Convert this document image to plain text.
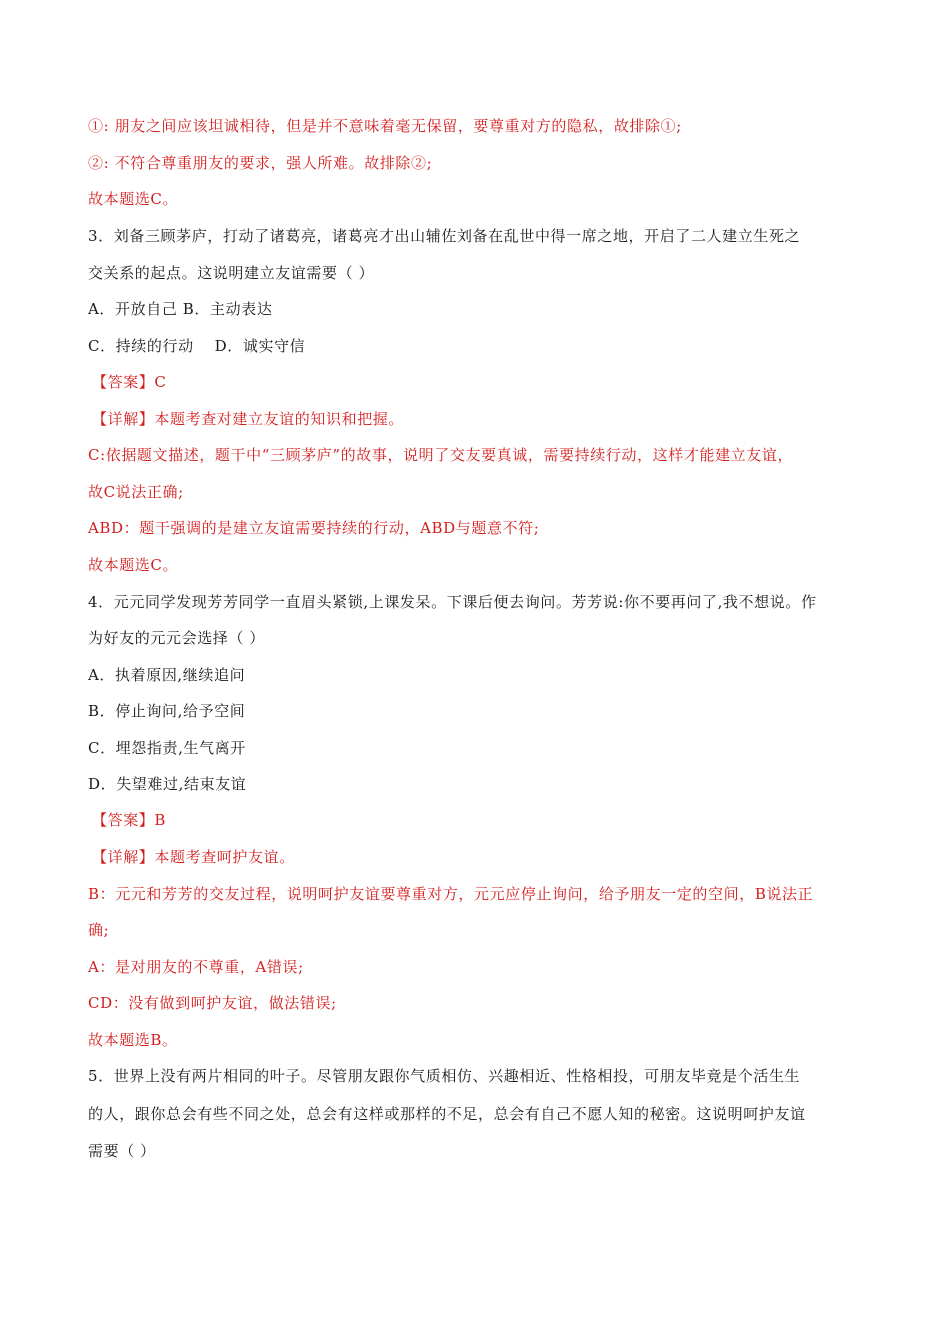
①: 朋友之间应该坦诚相待，但是并不意味着毫无保留，要尊重对方的隐私，故排除①;
②: 不符合尊重朋友的要求，强人所难。故排除②;
故本题选C。
3．刘备三顾茅庐，打动了诸葛亮，诸葛亮才出山辅佐刘备在乱世中得一席之地，开启了二人建立生死之
交关系的起点。这说明建立友谊需要（ ）
A．开放自己 B．主动表达
C．持续的行动　 D．诚实守信
【答案】C
【详解】本题考查对建立友谊的知识和把握。
C:依据题文描述，题干中“三顾茅庐”的故事，说明了交友要真诚，需要持续行动，这样才能建立友谊，
故C说法正确;
ABD：题干强调的是建立友谊需要持续的行动，ABD与题意不符;
故本题选C。
4．元元同学发现芳芳同学一直眉头紧锁,上课发呆。下课后便去询问。芳芳说:你不要再问了,我不想说。作
为好友的元元会选择（ ）
A．执着原因,继续追问
B．停止询问,给予空间
C．埋怨指责,生气离开
D．失望难过,结束友谊
【答案】B
【详解】本题考查呵护友谊。
B：元元和芳芳的交友过程，说明呵护友谊要尊重对方，元元应停止询问，给予朋友一定的空间，B说法正
确;
A：是对朋友的不尊重，A错误;
CD：没有做到呵护友谊，做法错误;
故本题选B。
5．世界上没有两片相同的叶子。尽管朋友跟你气质相仿、兴趣相近、性格相投，可朋友毕竟是个活生生
的人，跟你总会有些不同之处，总会有这样或那样的不足，总会有自己不愿人知的秘密。这说明呵护友谊
需要（ ）
